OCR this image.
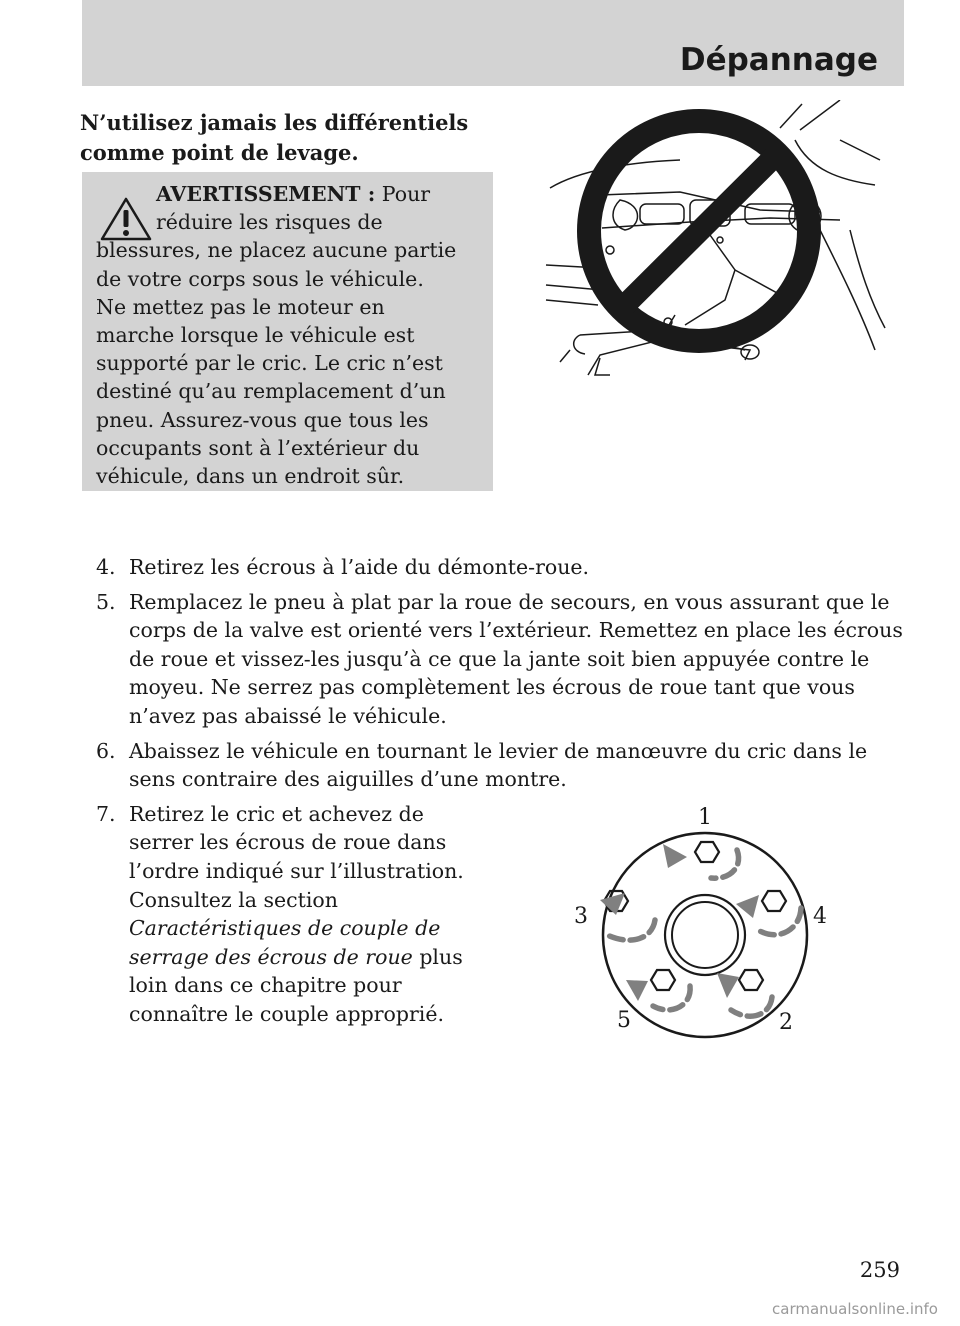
Dépannage
N’utilisez jamais les différentiels
comme point de levage.
AVERTISSEMENT : Pour
réduire les risques de
blessures, ne placez aucune partie
de votre corps sous le véhicule.
Ne mettez pas le moteur en
marche lorsque le véhicule est
supporté par le cric. Le cric n’est
destiné qu’au remplacement d’un
pneu. Assurez-vous que tous les
occupants sont à l’extérieur du
véhicule, dans un endroit sûr.
4. Retirez les écrous à l’aide du démonte-roue.
5. Remplacez le pneu à plat par la roue de secours, en vous assurant que le corps de la valve est orienté vers l’extérieur. Remettez en place les écrous de roue et vissez-les jusqu’à ce que la jante soit bien appuyée contre le moyeu. Ne serrez pas complètement les écrous de roue tant que vous n’avez pas abaissé le véhicule.
6. Abaissez le véhicule en tournant le levier de manœuvre du cric dans le sens contraire des aiguilles d’une montre.
7. Retirez le cric et achevez de serrer les écrous de roue dans l’ordre indiqué sur l’illustration. Consultez la section Caractéristiques de couple de serrage des écrous de roue plus loin dans ce chapitre pour connaître le couple approprié.
1
4
2
5
3
259
carmanualsonline.info
